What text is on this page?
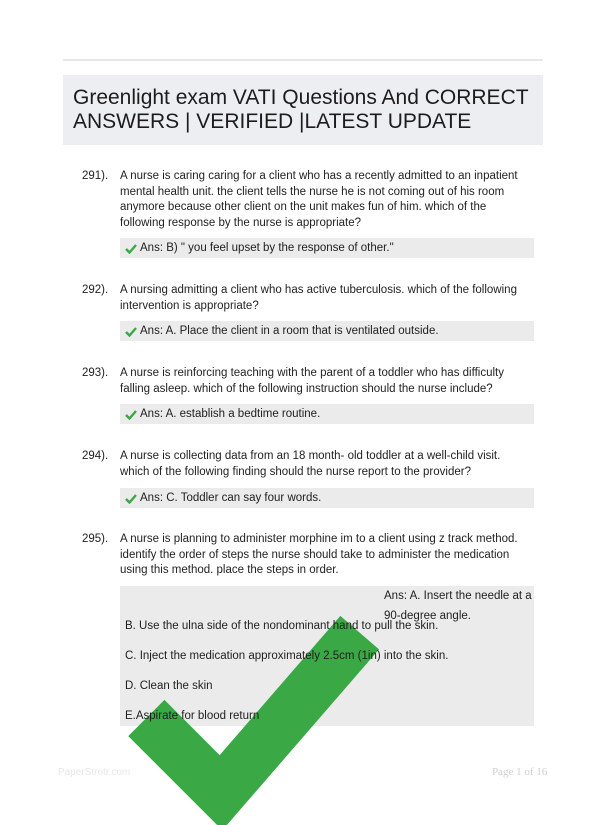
Greenlight exam VATI Questions And CORRECT ANSWERS | VERIFIED |LATEST UPDATE
291). A nurse is caring caring for a client who has a recently admitted to an inpatient mental health unit. the client tells the nurse he is not coming out of his room anymore because other client on the unit makes fun of him. which of the following response by the nurse is appropriate?
Ans: B) " you feel upset by the response of other."
292). A nursing admitting a client who has active tuberculosis. which of the following intervention is appropriate?
Ans: A. Place the client in a room that is ventilated outside.
293). A nurse is reinforcing teaching with the parent of a toddler who has difficulty falling asleep. which of the following instruction should the nurse include?
Ans: A. establish a bedtime routine.
294). A nurse is collecting data from an 18 month- old toddler at a well-child visit. which of the following finding should the nurse report to the provider?
Ans: C. Toddler can say four words.
295). A nurse is planning to administer morphine im to a client using z track method. identify the order of steps the nurse should take to administer the medication using this method. place the steps in order.
Ans: A. Insert the needle at a 90-degree angle.
B. Use the ulna side of the nondominant hand to pull the skin.
C. Inject the medication approximately 2.5cm (1in) into the skin.
D. Clean the skin
E.Aspirate for blood return
PaperStrotr.com	Page 1 of 16
